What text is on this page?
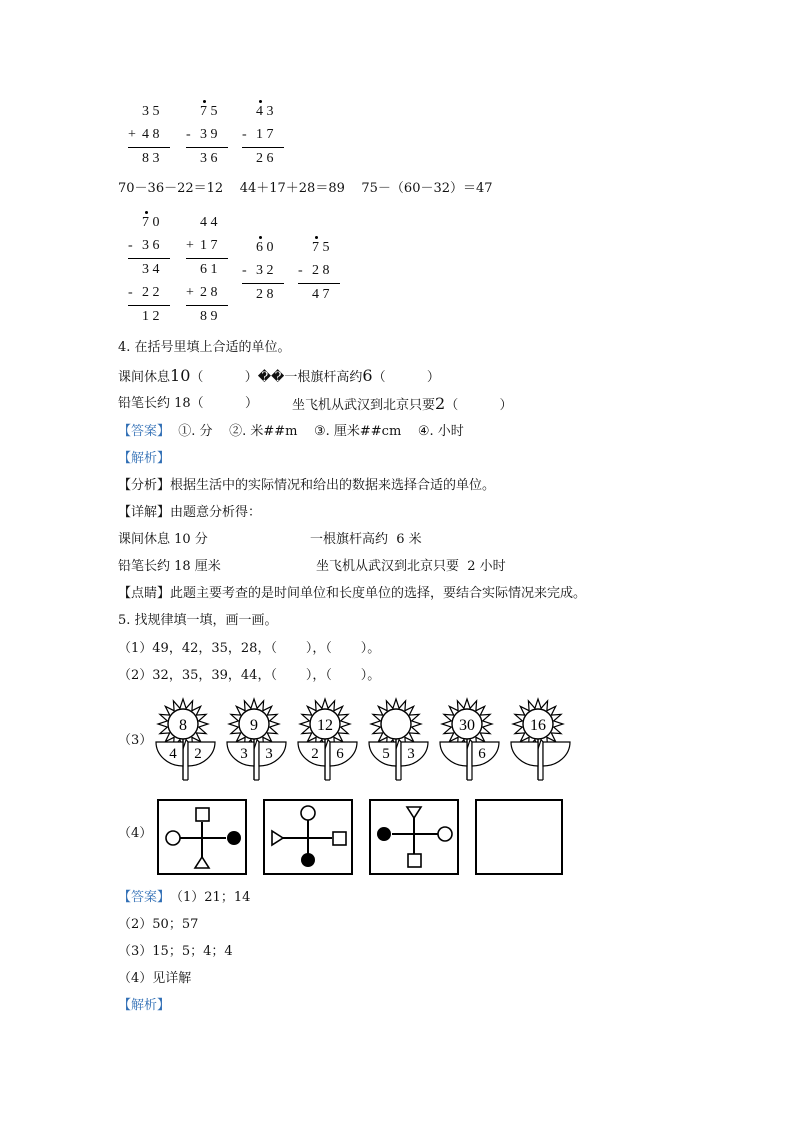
3 5
+ 4 8
8 3
7 5
- 3 9
3 6
4 3
- 1 7
2 6
70－36－22＝12    44＋17＋28＝89    75－（60－32）＝47
7 0
- 3 6
3 4
- 2 2
1 2
4 4
+ 1 7
6 1
+ 2 8
8 9
6 0
- 3 2
2 8
7 5
- 2 8
4 7
4. 在括号里填上合适的单位。
课间休息10（          ）��一根旗杆高约6（          ）
铅笔长约 18（          ）	坐飞机从武汉到北京只要2（          ）
【答案】  ①. 分    ②. 米##m    ③. 厘米##cm    ④. 小时
【解析】
【分析】根据生活中的实际情况和给出的数据来选择合适的单位。
【详解】由题意分析得：
课间休息 10 分	一根旗杆高约  6 米
铅笔长约 18 厘米	坐飞机从武汉到北京只要  2 小时
【点睛】此题主要考查的是时间单位和长度单位的选择，要结合实际情况来完成。
5. 找规律填一填，画一画。
（1）49，42，35，28，（       ），（       ）。
（2）32，35，39，44，（       ），（       ）。
（3）
8
4 2
9
3 3
12
2 6	5 3
30
6
16
（4）
【答案】 （1）21；14
（2）50；57
（3）15；5；4；4
（4）见详解
【解析】
